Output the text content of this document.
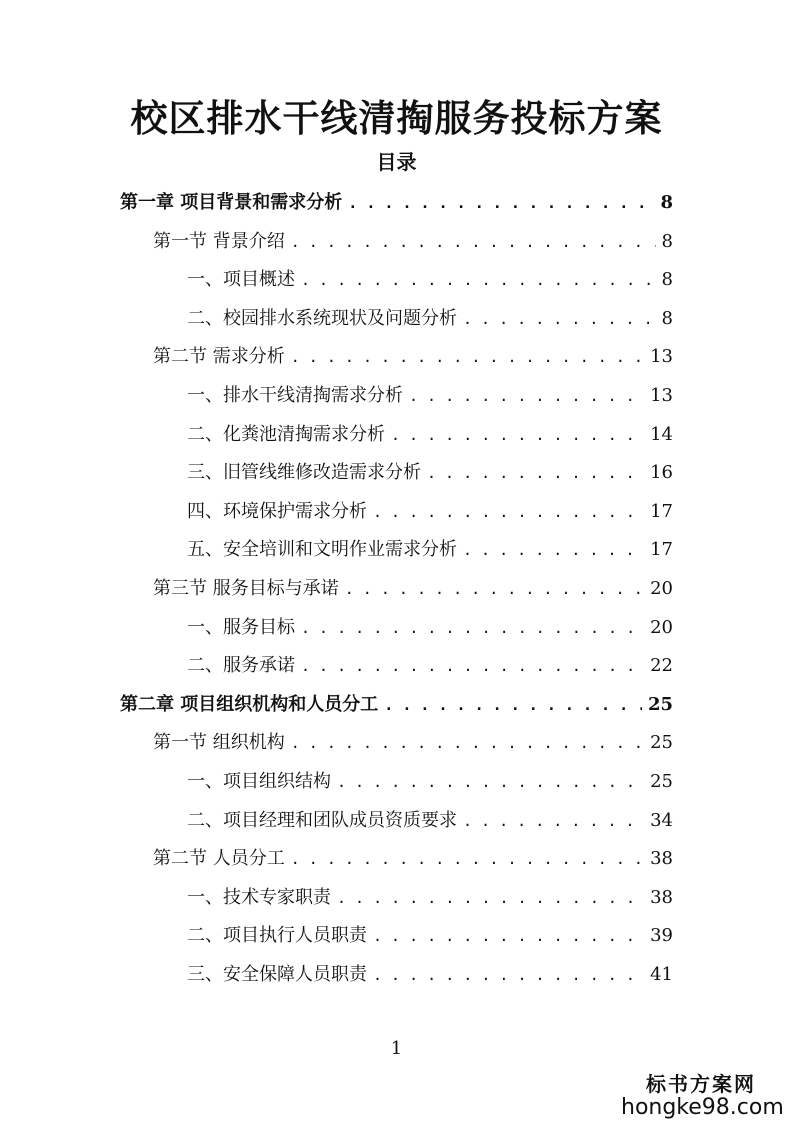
校区排水干线清掏服务投标方案
目录
第一章 项目背景和需求分析 . . .	8
第一节 背景介绍 . . .	8
一、项目概述 . . .	8
二、校园排水系统现状及问题分析 . . .	8
第二节 需求分析 . . .	13
一、排水干线清掏需求分析 . . .	13
二、化粪池清掏需求分析 . . .	14
三、旧管线维修改造需求分析 . . .	16
四、环境保护需求分析 . . .	17
五、安全培训和文明作业需求分析 . . .	17
第三节 服务目标与承诺 . . .	20
一、服务目标 . . .	20
二、服务承诺 . . .	22
第二章 项目组织机构和人员分工 . . .	25
第一节 组织机构 . . .	25
一、项目组织结构 . . .	25
二、项目经理和团队成员资质要求 . . .	34
第二节 人员分工 . . .	38
一、技术专家职责 . . .	38
二、项目执行人员职责 . . .	39
三、安全保障人员职责 . . .	41
1
标书方案网
hongke98.com
